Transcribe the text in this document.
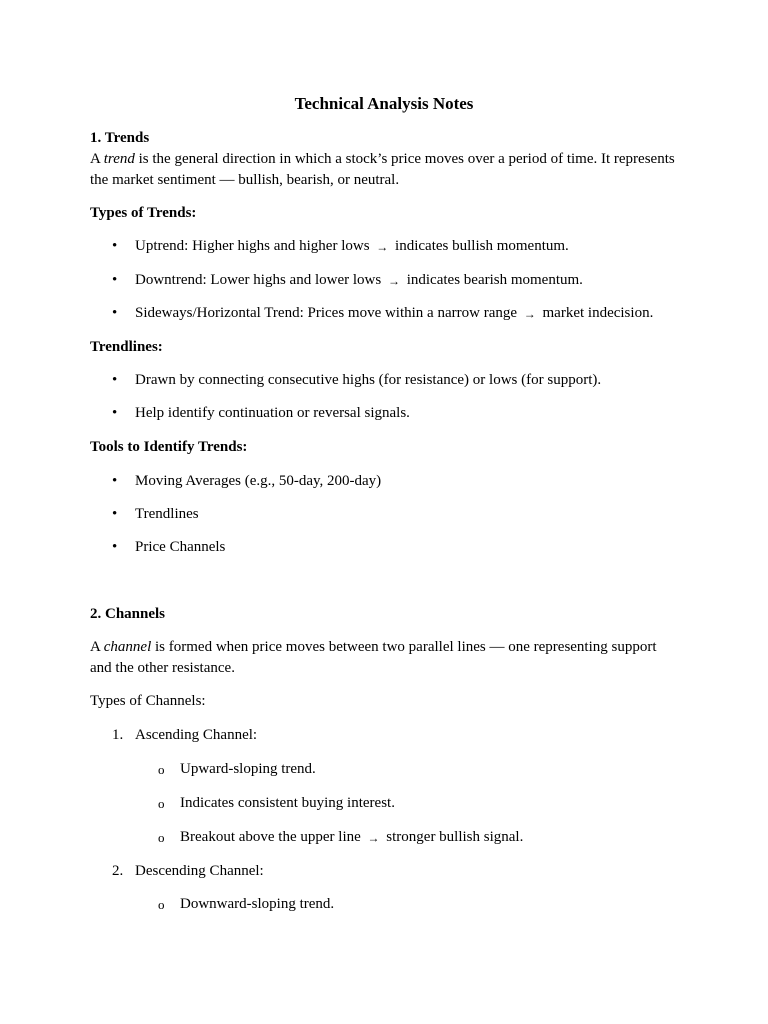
Technical Analysis Notes
1. Trends
A trend is the general direction in which a stock’s price moves over a period of time. It represents
the market sentiment — bullish, bearish, or neutral.
Types of Trends:
•
Uptrend: Higher highs and higher lows → indicates bullish momentum.
•
Downtrend: Lower highs and lower lows → indicates bearish momentum.
•
Sideways/Horizontal Trend: Prices move within a narrow range → market indecision.
Trendlines:
•
Drawn by connecting consecutive highs (for resistance) or lows (for support).
•
Help identify continuation or reversal signals.
Tools to Identify Trends:
•
Moving Averages (e.g., 50-day, 200-day)
•
Trendlines
•
Price Channels
2. Channels
A channel is formed when price moves between two parallel lines — one representing support
and the other resistance.
Types of Channels:
1. Ascending Channel:
o Upward-sloping trend.
o Indicates consistent buying interest.
o Breakout above the upper line → stronger bullish signal.
2. Descending Channel:
o Downward-sloping trend.
